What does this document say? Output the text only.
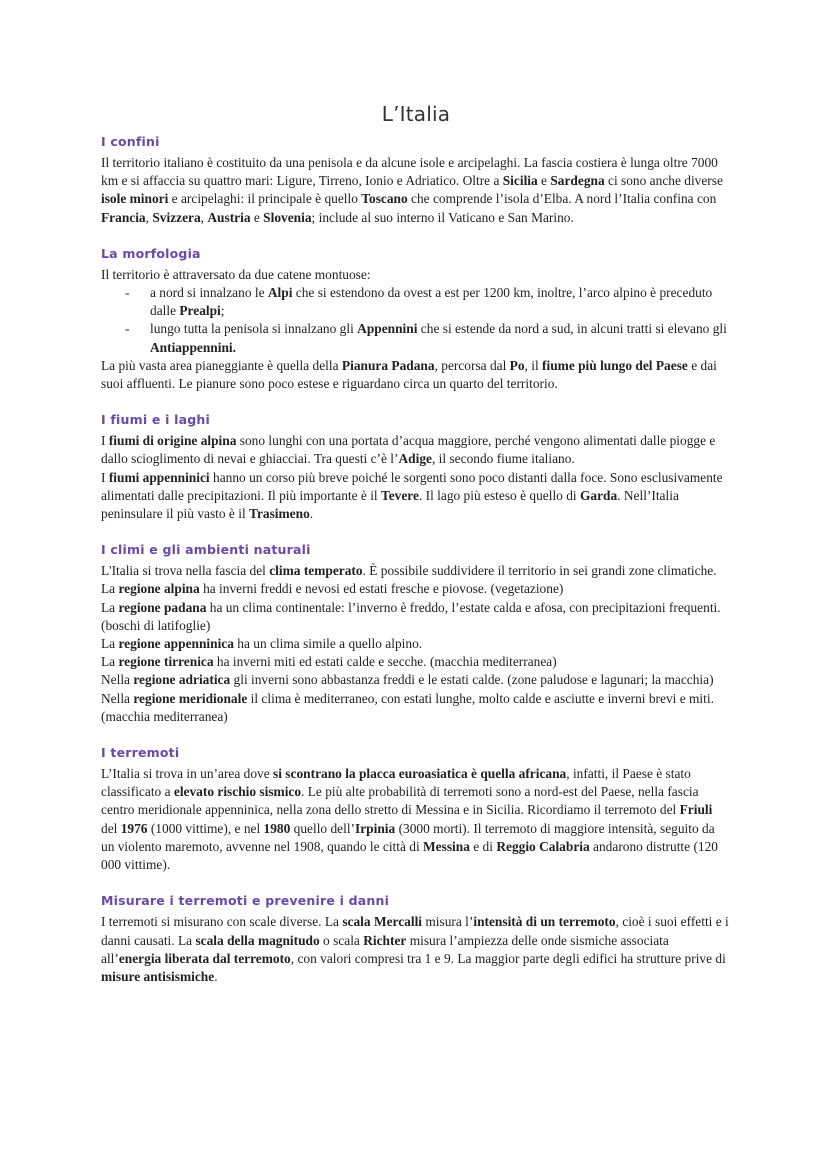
L’Italia
I confini

Il territorio italiano è costituito da una penisola e da alcune isole e arcipelaghi. La fascia costiera è lunga oltre 7000 km e si affaccia su quattro mari: Ligure, Tirreno, Ionio e Adriatico. Oltre a Sicilia e Sardegna ci sono anche diverse isole minori e arcipelaghi: il principale è quello Toscano che comprende l’isola d’Elba. A nord l’Italia confina con Francia, Svizzera, Austria e Slovenia; include al suo interno il Vaticano e San Marino.

La morfologia

Il territorio è attraversato da due catene montuose:

- a nord si innalzano le Alpi che si estendono da ovest a est per 1200 km, inoltre, l’arco alpino è preceduto dalle Prealpi;
- lungo tutta la penisola si innalzano gli Appennini che si estende da nord a sud, in alcuni tratti si elevano gli Antiappennini.

La più vasta area pianeggiante è quella della Pianura Padana, percorsa dal Po, il fiume più lungo del Paese e dai suoi affluenti. Le pianure sono poco estese e riguardano circa un quarto del territorio.

I fiumi e i laghi

I fiumi di origine alpina sono lunghi con una portata d’acqua maggiore, perché vengono alimentati dalle piogge e dallo scioglimento di nevai e ghiacciai. Tra questi c’è l’Adige, il secondo fiume italiano.

I fiumi appenninici hanno un corso più breve poiché le sorgenti sono poco distanti dalla foce. Sono esclusivamente alimentati dalle precipitazioni. Il più importante è il Tevere. Il lago più esteso è quello di Garda. Nell’Italia peninsulare il più vasto è il Trasimeno.

I climi e gli ambienti naturali

L'Italia si trova nella fascia del clima temperato. È possibile suddividere il territorio in sei grandi zone climatiche.

La regione alpina ha inverni freddi e nevosi ed estati fresche e piovose. (vegetazione)

La regione padana ha un clima continentale: l’inverno è freddo, l’estate calda e afosa, con precipitazioni frequenti. (boschi di latifoglie)

La regione appenninica ha un clima simile a quello alpino.

La regione tirrenica ha inverni miti ed estati calde e secche. (macchia mediterranea)

Nella regione adriatica gli inverni sono abbastanza freddi e le estati calde. (zone paludose e lagunari; la macchia)

Nella regione meridionale il clima è mediterraneo, con estati lunghe, molto calde e asciutte e inverni brevi e miti. (macchia mediterranea)

I terremoti

L’Italia si trova in un’area dove si scontrano la placca euroasiatica è quella africana, infatti, il Paese è stato classificato a elevato rischio sismico. Le più alte probabilità di terremoti sono a nord-est del Paese, nella fascia centro meridionale appenninica, nella zona dello stretto di Messina e in Sicilia. Ricordiamo il terremoto del Friuli del 1976 (1000 vittime), e nel 1980 quello dell’Irpinia (3000 morti). Il terremoto di maggiore intensità, seguito da un violento maremoto, avvenne nel 1908, quando le città di Messina e di Reggio Calabria andarono distrutte (120 000 vittime).

Misurare i terremoti e prevenire i danni

I terremoti si misurano con scale diverse. La scala Mercalli misura l’intensità di un terremoto, cioè i suoi effetti e i danni causati. La scala della magnitudo o scala Richter misura l’ampiezza delle onde sismiche associata all’energia liberata dal terremoto, con valori compresi tra 1 e 9. La maggior parte degli edifici ha strutture prive di misure antisismiche.
